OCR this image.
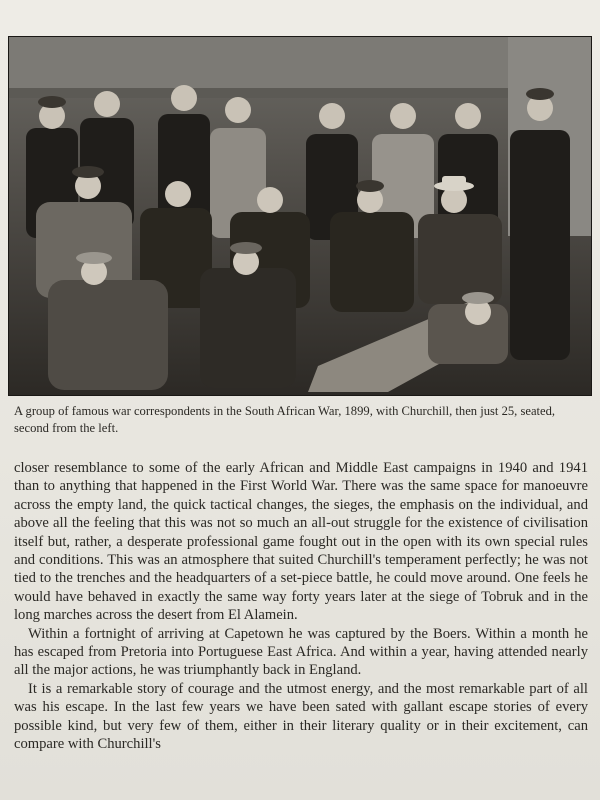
A group of famous war correspondents in the South African War, 1899, with Churchill, then just 25, seated, second from the left.

closer resemblance to some of the early African and Middle East campaigns in 1940 and 1941 than to anything that happened in the First World War. There was the same space for manoeuvre across the empty land, the quick tactical changes, the sieges, the emphasis on the individual, and above all the feeling that this was not so much an all-out struggle for the existence of civilisation itself but, rather, a desperate professional game fought out in the open with its own special rules and conditions. This was an atmosphere that suited Churchill's temperament perfectly; he was not tied to the trenches and the headquarters of a set-piece battle, he could move around. One feels he would have behaved in exactly the same way forty years later at the siege of Tobruk and in the long marches across the desert from El Alamein.

Within a fortnight of arriving at Capetown he was captured by the Boers. Within a month he has escaped from Pretoria into Portuguese East Africa. And within a year, having attended nearly all the major actions, he was triumphantly back in England.

It is a remarkable story of courage and the utmost energy, and the most remarkable part of all was his escape. In the last few years we have been sated with gallant escape stories of every possible kind, but very few of them, either in their literary quality or in their excitement, can compare with Churchill's
